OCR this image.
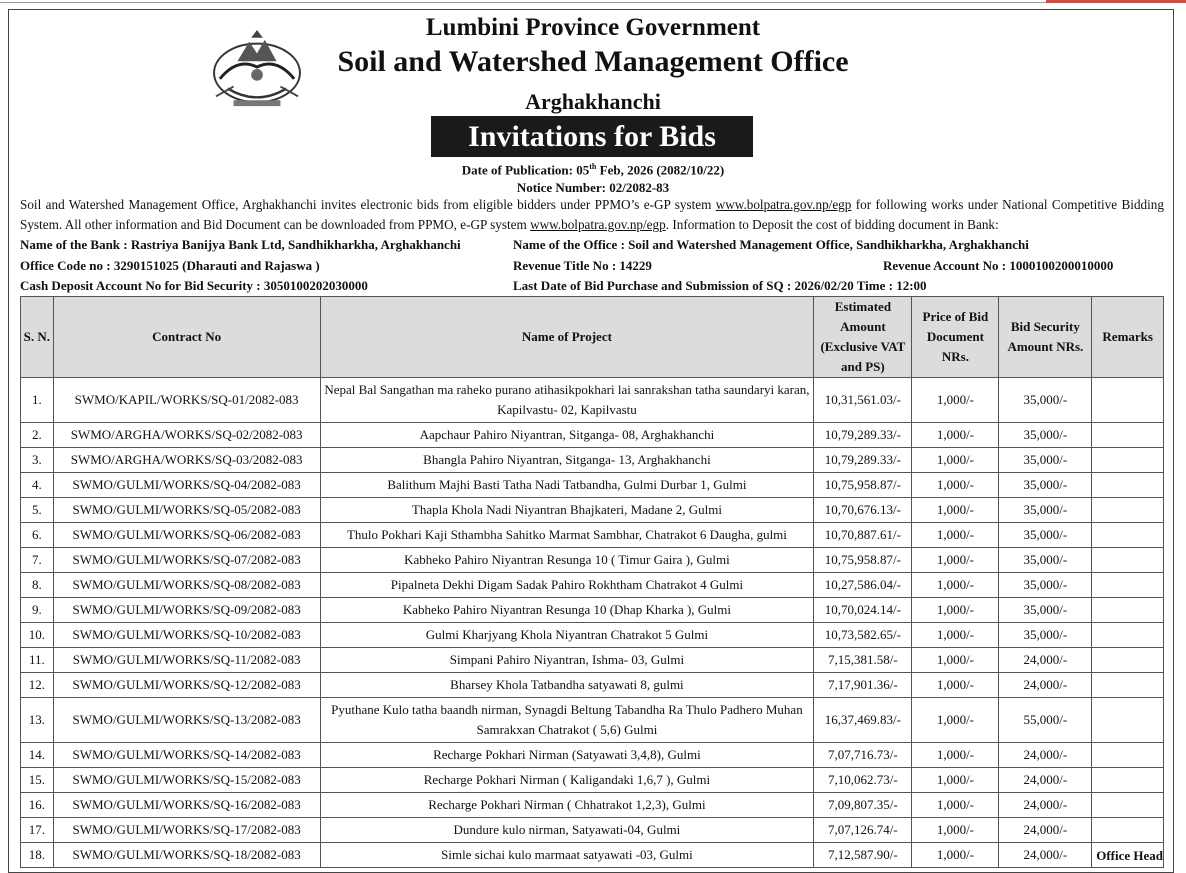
Lumbini Province Government
Soil and Watershed Management Office
Arghakhanchi
Invitations for Bids
Date of Publication: 05th Feb, 2026 (2082/10/22)
Notice Number: 02/2082-83
Soil and Watershed Management Office, Arghakhanchi invites electronic bids from eligible bidders under PPMO’s e-GP system www.bolpatra.gov.np/egp for following works under National Competitive Bidding System. All other information and Bid Document can be downloaded from PPMO, e-GP system www.bolpatra.gov.np/egp. Information to Deposit the cost of bidding document in Bank:
Name of the Bank : Rastriya Banijya Bank Ltd, Sandhikharkha, Arghakhanchi	Name of the Office : Soil and Watershed Management Office, Sandhikharkha, Arghakhanchi
Office Code no : 3290151025 (Dharauti and Rajaswa )	Revenue Title No : 14229	Revenue Account No : 1000100200010000
Cash Deposit Account No for Bid Security : 3050100202030000	Last Date of Bid Purchase and Submission of SQ : 2026/02/20 Time : 12:00
S. N.	Contract No	Name of Project	Estimated Amount (Exclusive VAT and PS)	Price of Bid Document NRs.	Bid Security Amount NRs.	Remarks
1.	SWMO/KAPIL/WORKS/SQ-01/2082-083	Nepal Bal Sangathan ma raheko purano atihasikpokhari lai sanrakshan tatha saundaryi karan, Kapilvastu- 02, Kapilvastu	10,31,561.03/-	1,000/-	35,000/-	
2.	SWMO/ARGHA/WORKS/SQ-02/2082-083	Aapchaur Pahiro Niyantran, Sitganga- 08, Arghakhanchi	10,79,289.33/-	1,000/-	35,000/-	
3.	SWMO/ARGHA/WORKS/SQ-03/2082-083	Bhangla Pahiro Niyantran, Sitganga- 13, Arghakhanchi	10,79,289.33/-	1,000/-	35,000/-	
4.	SWMO/GULMI/WORKS/SQ-04/2082-083	Balithum Majhi Basti Tatha Nadi Tatbandha, Gulmi Durbar 1, Gulmi	10,75,958.87/-	1,000/-	35,000/-	
5.	SWMO/GULMI/WORKS/SQ-05/2082-083	Thapla Khola Nadi Niyantran Bhajkateri, Madane 2, Gulmi	10,70,676.13/-	1,000/-	35,000/-	
6.	SWMO/GULMI/WORKS/SQ-06/2082-083	Thulo Pokhari Kaji Sthambha Sahitko Marmat Sambhar, Chatrakot 6 Daugha, gulmi	10,70,887.61/-	1,000/-	35,000/-	
7.	SWMO/GULMI/WORKS/SQ-07/2082-083	Kabheko Pahiro Niyantran Resunga 10 ( Timur Gaira ), Gulmi	10,75,958.87/-	1,000/-	35,000/-	
8.	SWMO/GULMI/WORKS/SQ-08/2082-083	Pipalneta Dekhi Digam Sadak Pahiro Rokhtham Chatrakot 4 Gulmi	10,27,586.04/-	1,000/-	35,000/-	
9.	SWMO/GULMI/WORKS/SQ-09/2082-083	Kabheko Pahiro Niyantran Resunga 10 (Dhap Kharka ), Gulmi	10,70,024.14/-	1,000/-	35,000/-	
10.	SWMO/GULMI/WORKS/SQ-10/2082-083	Gulmi Kharjyang Khola Niyantran Chatrakot 5 Gulmi	10,73,582.65/-	1,000/-	35,000/-	
11.	SWMO/GULMI/WORKS/SQ-11/2082-083	Simpani Pahiro Niyantran, Ishma- 03, Gulmi	7,15,381.58/-	1,000/-	24,000/-	
12.	SWMO/GULMI/WORKS/SQ-12/2082-083	Bharsey Khola Tatbandha satyawati 8, gulmi	7,17,901.36/-	1,000/-	24,000/-	
13.	SWMO/GULMI/WORKS/SQ-13/2082-083	Pyuthane Kulo tatha baandh nirman, Synagdi Beltung Tabandha Ra Thulo Padhero Muhan Samrakxan Chatrakot ( 5,6) Gulmi	16,37,469.83/-	1,000/-	55,000/-	
14.	SWMO/GULMI/WORKS/SQ-14/2082-083	Recharge Pokhari Nirman (Satyawati 3,4,8), Gulmi	7,07,716.73/-	1,000/-	24,000/-	
15.	SWMO/GULMI/WORKS/SQ-15/2082-083	Recharge Pokhari Nirman ( Kaligandaki 1,6,7 ), Gulmi	7,10,062.73/-	1,000/-	24,000/-	
16.	SWMO/GULMI/WORKS/SQ-16/2082-083	Recharge Pokhari Nirman ( Chhatrakot 1,2,3), Gulmi	7,09,807.35/-	1,000/-	24,000/-	
17.	SWMO/GULMI/WORKS/SQ-17/2082-083	Dundure kulo nirman, Satyawati-04, Gulmi	7,07,126.74/-	1,000/-	24,000/-	
18.	SWMO/GULMI/WORKS/SQ-18/2082-083	Simle sichai kulo marmaat satyawati -03, Gulmi	7,12,587.90/-	1,000/-	24,000/-	Office Head
